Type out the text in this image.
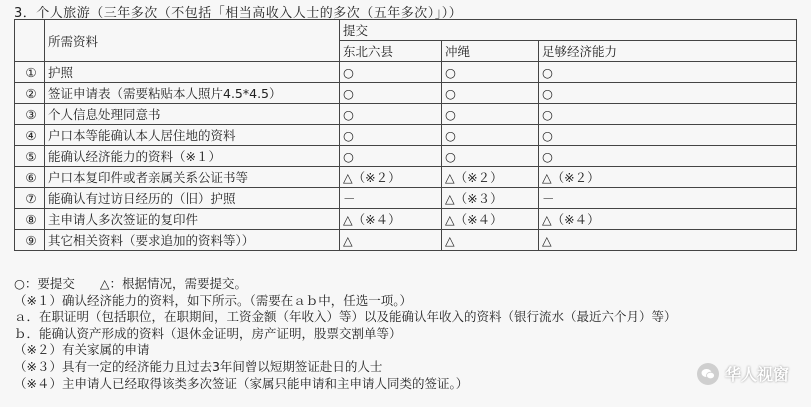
3．个人旅游（三年多次（不包括「相当高收入人士的多次（五年多次）」））
	所需资料	提交		
		东北六县	冲绳	足够经济能力
①	护照	○	○	○
②	签证申请表（需要粘贴本人照片4.5*4.5）	○	○	○
③	个人信息处理同意书	○	○	○
④	户口本等能确认本人居住地的资料	○	○	○
⑤	能确认经济能力的资料（※１）	○	○	○
⑥	户口本复印件或者亲属关系公证书等	△（※２）	△（※２）	△（※２）
⑦	能确认有过访日经历的（旧）护照	－	△（※３）	－
⑧	主申请人多次签证的复印件	△（※４）	△（※４）	△（※４）
⑨	其它相关资料（要求追加的资料等））	△	△	△
○：要提交　　△：根据情况，需要提交。
（※１）确认经济能力的资料，如下所示。（需要在ａｂ中，任选一项。）
ａ．在职证明（包括职位，在职期间，工资金额（年收入）等）以及能确认年收入的资料（银行流水（最近六个月）等）
ｂ．能确认资产形成的资料（退休金证明，房产证明，股票交割单等）
（※２）有关家属的申请
（※３）具有一定的经济能力且过去3年间曾以短期签证赴日的人士
（※４）主申请人已经取得该类多次签证（家属只能申请和主申请人同类的签证。）	华人视窗
